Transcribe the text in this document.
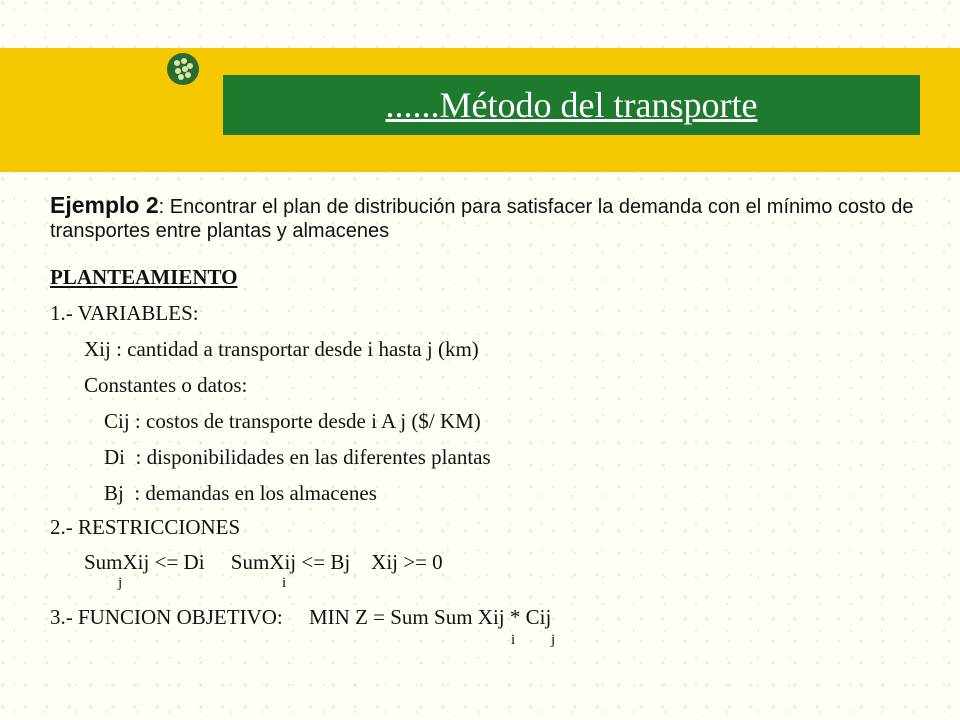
......Método del transporte
Ejemplo 2: Encontrar el plan de distribución para satisfacer la demanda con el mínimo costo de transportes entre plantas y almacenes
PLANTEAMIENTO
1.- VARIABLES:
Xij : cantidad a transportar desde i hasta j (km)
Constantes o datos:
Cij : costos de transporte desde i A j ($/ KM)
Di  : disponibilidades en las diferentes plantas
Bj  : demandas en los almacenes
2.- RESTRICCIONES
SumXij <= Di     SumXij <= Bj    Xij >= 0
j	i
3.- FUNCION OBJETIVO:     MIN Z = Sum Sum Xij * Cij
i j
